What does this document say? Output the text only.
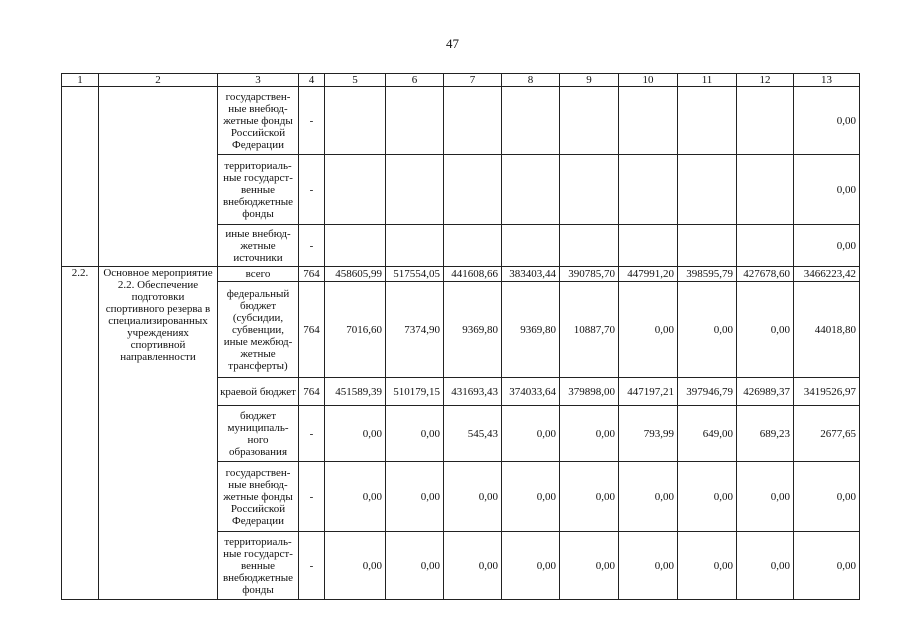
47
1	2	3	4	5	6	7	8	9	10	11	12	13
		государствен-ные внебюд-жетные фонды Российской Федерации	-									0,00
		территориаль-ные государст-венные внебюджетные фонды	-									0,00
		иные внебюд-жетные источники	-									0,00
2.2.	Основное мероприятие 2.2. Обеспечение подготовки спортивного резерва в специализированных учреждениях спортивной направленности	всего	764	458605,99	517554,05	441608,66	383403,44	390785,70	447991,20	398595,79	427678,60	3466223,42
		федеральный бюджет (субсидии, субвенции, иные межбюд-жетные трансферты)	764	7016,60	7374,90	9369,80	9369,80	10887,70	0,00	0,00	0,00	44018,80
		краевой бюджет	764	451589,39	510179,15	431693,43	374033,64	379898,00	447197,21	397946,79	426989,37	3419526,97
		бюджет муниципаль-ного образования	-	0,00	0,00	545,43	0,00	0,00	793,99	649,00	689,23	2677,65
		государствен-ные внебюд-жетные фонды Российской Федерации	-	0,00	0,00	0,00	0,00	0,00	0,00	0,00	0,00	0,00
		территориаль-ные государст-венные внебюджетные фонды	-	0,00	0,00	0,00	0,00	0,00	0,00	0,00	0,00	0,00
